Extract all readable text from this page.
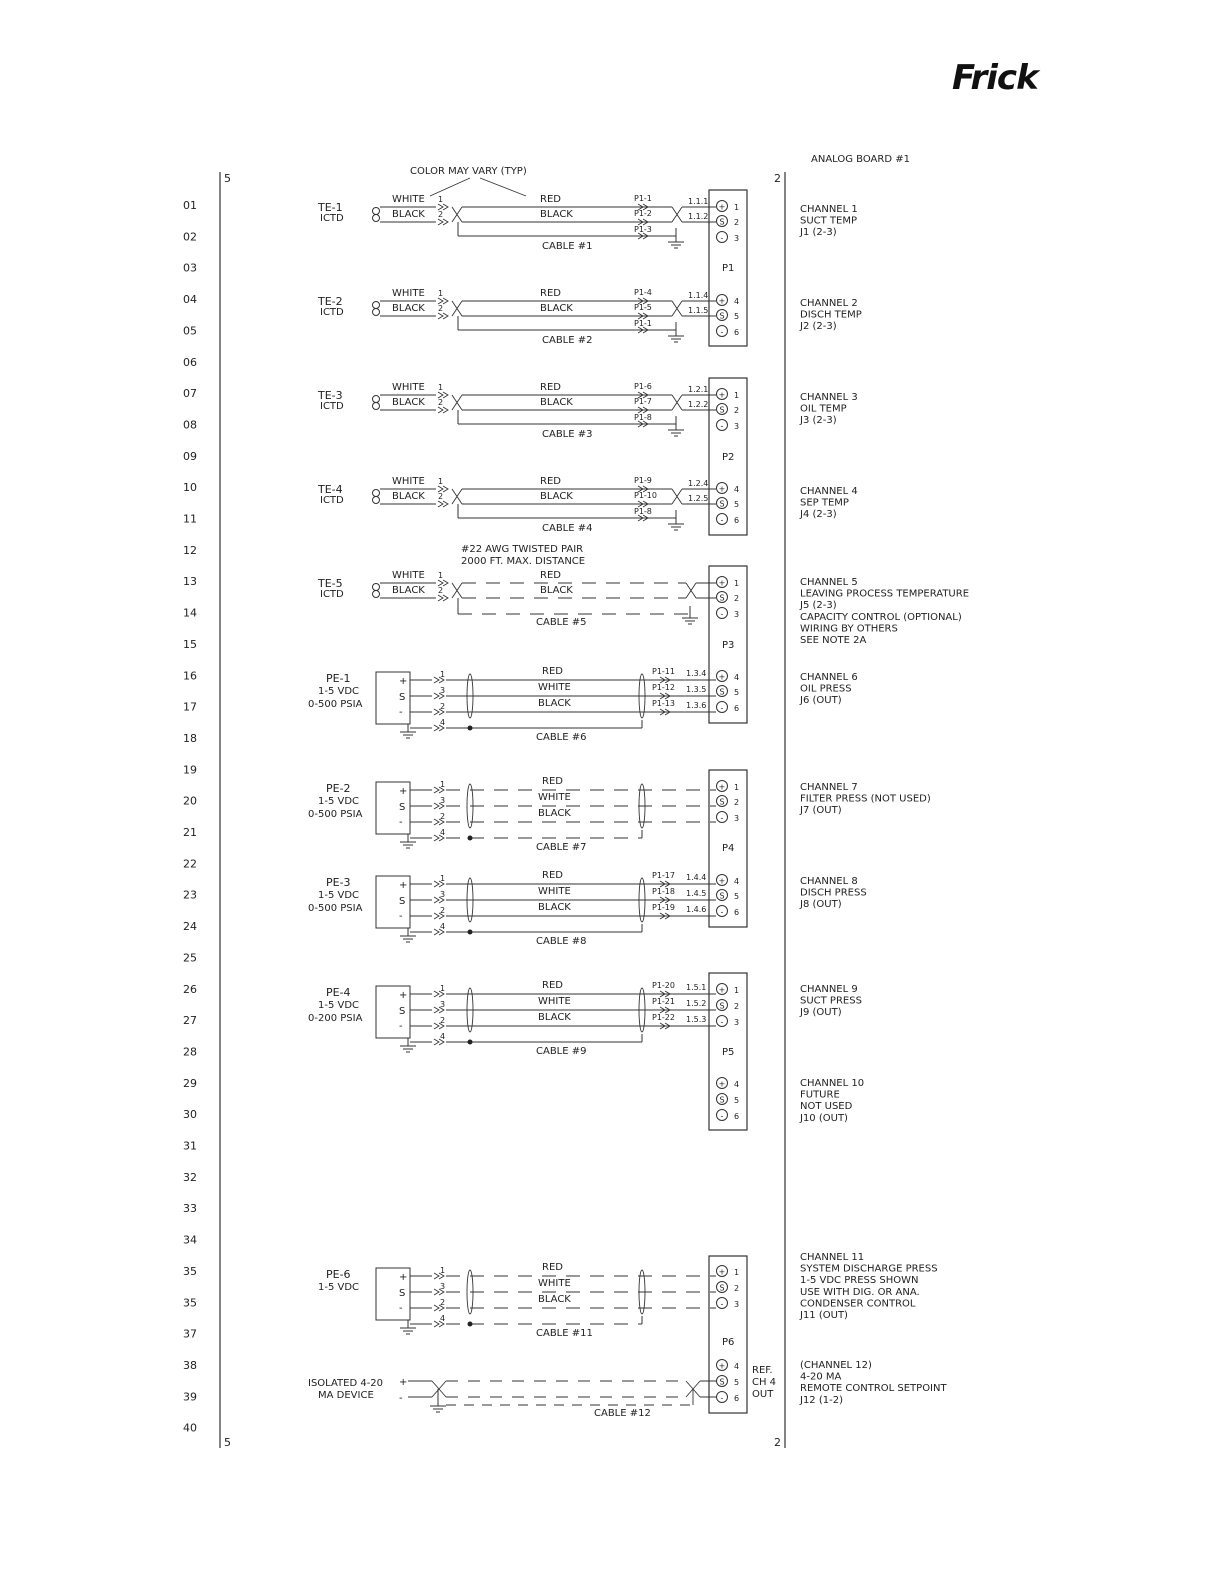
Frick
5
5
2
2
ANALOG BOARD #1
COLOR MAY VARY (TYP)
01
02
03
04
05
06
07
08
09
10
11
12
13
14
15
16
17
18
19
20
21
22
23
24
25
26
27
28
29
30
31
32
33
34
35
35
37
38
39
40
TE-1
ICTD
WHITE
BLACK
1
2
RED
BLACK
CABLE #1
P1-1
P1-2
P1-3
1.1.1
1.1.2
TE-2
ICTD
WHITE
BLACK
1
2
RED
BLACK
CABLE #2
P1-4
P1-5
P1-1
1.1.4
1.1.5
TE-3
ICTD
WHITE
BLACK
1
2
RED
BLACK
CABLE #3
P1-6
P1-7
P1-8
1.2.1
1.2.2
TE-4
ICTD
WHITE
BLACK
1
2
RED
BLACK
CABLE #4
P1-9
P1-10
P1-8
1.2.4
1.2.5
TE-5
ICTD
WHITE
BLACK
1
2
RED
BLACK
CABLE #5
PE-1
1-5 VDC
0-500 PSIA
+
S
-
1
3
2
4
RED
WHITE
BLACK
CABLE #6
P1-11
P1-12
P1-13
1.3.4
1.3.5
1.3.6
PE-2
1-5 VDC
0-500 PSIA
+
S
-
1
3
2
4
RED
WHITE
BLACK
CABLE #7
PE-3
1-5 VDC
0-500 PSIA
+
S
-
1
3
2
4
RED
WHITE
BLACK
CABLE #8
P1-17
P1-18
P1-19
1.4.4
1.4.5
1.4.6
PE-4
1-5 VDC
0-200 PSIA
+
S
-
1
3
2
4
RED
WHITE
BLACK
CABLE #9
P1-20
P1-21
P1-22
1.5.1
1.5.2
1.5.3
PE-6
1-5 VDC
+
S
-
1
3
2
4
RED
WHITE
BLACK
CABLE #11
P1
+ 1
S 2
- 3
+ 4
S 5
- 6
P2
+ 1
S 2
- 3
+ 4
S 5
- 6
P3
+ 1
S 2
- 3
+ 4
S 5
- 6
P4
+ 1
S 2
- 3
+ 4
S 5
- 6
P5
+ 1
S 2
- 3
+ 4
S 5
- 6
P6
+ 1
S 2
- 3
+ 4
S 5
- 6
CHANNEL 1
SUCT TEMP
J1 (2-3)
CHANNEL 2
DISCH TEMP
J2 (2-3)
CHANNEL 3
OIL TEMP
J3 (2-3)
CHANNEL 4
SEP TEMP
J4 (2-3)
CHANNEL 5
LEAVING PROCESS TEMPERATURE
J5 (2-3)
CAPACITY CONTROL (OPTIONAL)
WIRING BY OTHERS
SEE NOTE 2A
CHANNEL 6
OIL PRESS
J6 (OUT)
CHANNEL 7
FILTER PRESS (NOT USED)
J7 (OUT)
CHANNEL 8
DISCH PRESS
J8 (OUT)
CHANNEL 9
SUCT PRESS
J9 (OUT)
CHANNEL 10
FUTURE
NOT USED
J10 (OUT)
CHANNEL 11
SYSTEM DISCHARGE PRESS
1-5 VDC PRESS SHOWN
USE WITH DIG. OR ANA.
CONDENSER CONTROL
J11 (OUT)
(CHANNEL 12)
4-20 MA
REMOTE CONTROL SETPOINT
J12 (1-2)
#22 AWG TWISTED PAIR
2000 FT. MAX. DISTANCE
ISOLATED 4-20
MA DEVICE
+
-
CABLE #12
REF.
CH 4
OUT
